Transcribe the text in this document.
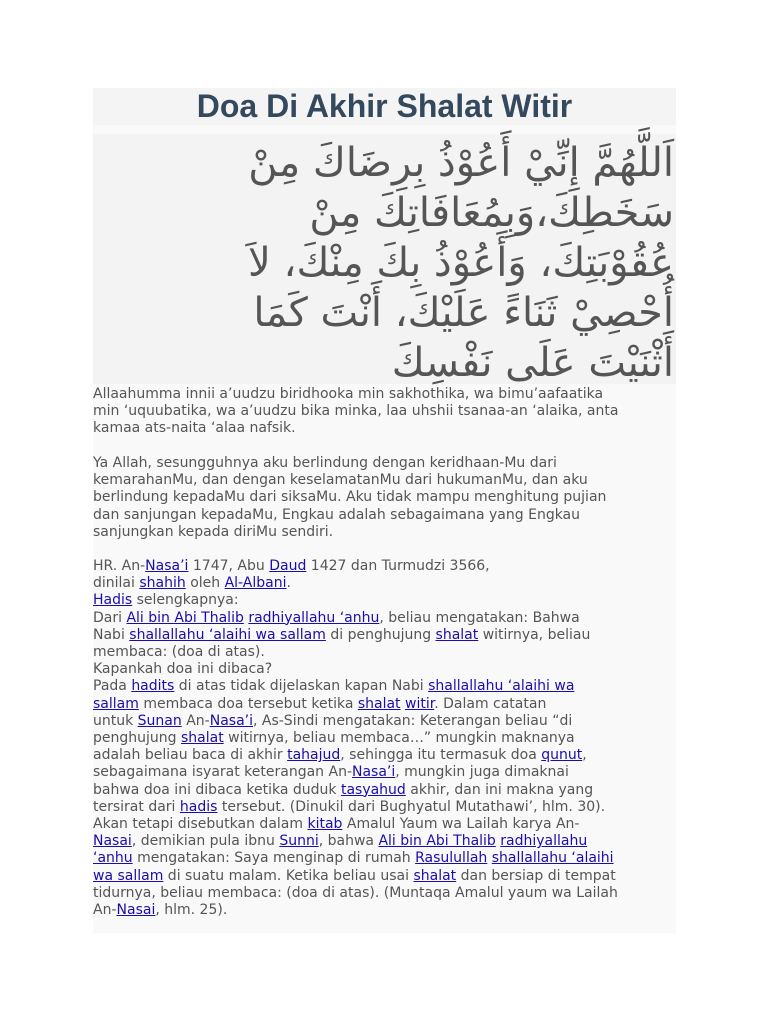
Doa Di Akhir Shalat Witir
اَللَّهُمَّ إِنِّيْ أَعُوْذُ بِرِضَاكَ مِنْ
سَخَطِكَ،وَبِمُعَافَاتِكَ مِنْ
عُقُوْبَتِكَ، وَأَعُوْذُ بِكَ مِنْكَ، لاَ
أُحْصِيْ ثَنَاءً عَلَيْكَ، أَنْتَ كَمَا
أَثْنَيْتَ عَلَى نَفْسِكَ

Allaahumma innii a’uudzu biridhooka min sakhothika, wa bimu’aafaatika
min ‘uquubatika, wa a’uudzu bika minka, laa uhshii tsanaa-an ‘alaika, anta
kamaa ats-naita ‘alaa nafsik.

Ya Allah, sesungguhnya aku berlindung dengan keridhaan-Mu dari
kemarahanMu, dan dengan keselamatanMu dari hukumanMu, dan aku
berlindung kepadaMu dari siksaMu. Aku tidak mampu menghitung pujian
dan sanjungan kepadaMu, Engkau adalah sebagaimana yang Engkau
sanjungkan kepada diriMu sendiri.

HR. An-Nasa’i 1747, Abu Daud 1427 dan Turmudzi 3566,
dinilai shahih oleh Al-Albani.
Hadis selengkapnya:
Dari Ali bin Abi Thalib radhiyallahu ‘anhu, beliau mengatakan: Bahwa
Nabi shallallahu ‘alaihi wa sallam di penghujung shalat witirnya, beliau
membaca: (doa di atas).
Kapankah doa ini dibaca?
Pada hadits di atas tidak dijelaskan kapan Nabi shallallahu ‘alaihi wa
sallam membaca doa tersebut ketika shalat witir. Dalam catatan
untuk Sunan An-Nasa’i, As-Sindi mengatakan: Keterangan beliau “di
penghujung shalat witirnya, beliau membaca…” mungkin maknanya
adalah beliau baca di akhir tahajud, sehingga itu termasuk doa qunut,
sebagaimana isyarat keterangan An-Nasa’i, mungkin juga dimaknai
bahwa doa ini dibaca ketika duduk tasyahud akhir, dan ini makna yang
tersirat dari hadis tersebut. (Dinukil dari Bughyatul Mutathawi’, hlm. 30).
Akan tetapi disebutkan dalam kitab Amalul Yaum wa Lailah karya An-
Nasai, demikian pula ibnu Sunni, bahwa Ali bin Abi Thalib radhiyallahu
‘anhu mengatakan: Saya menginap di rumah Rasulullah shallallahu ‘alaihi
wa sallam di suatu malam. Ketika beliau usai shalat dan bersiap di tempat
tidurnya, beliau membaca: (doa di atas). (Muntaqa Amalul yaum wa Lailah
An-Nasai, hlm. 25).
